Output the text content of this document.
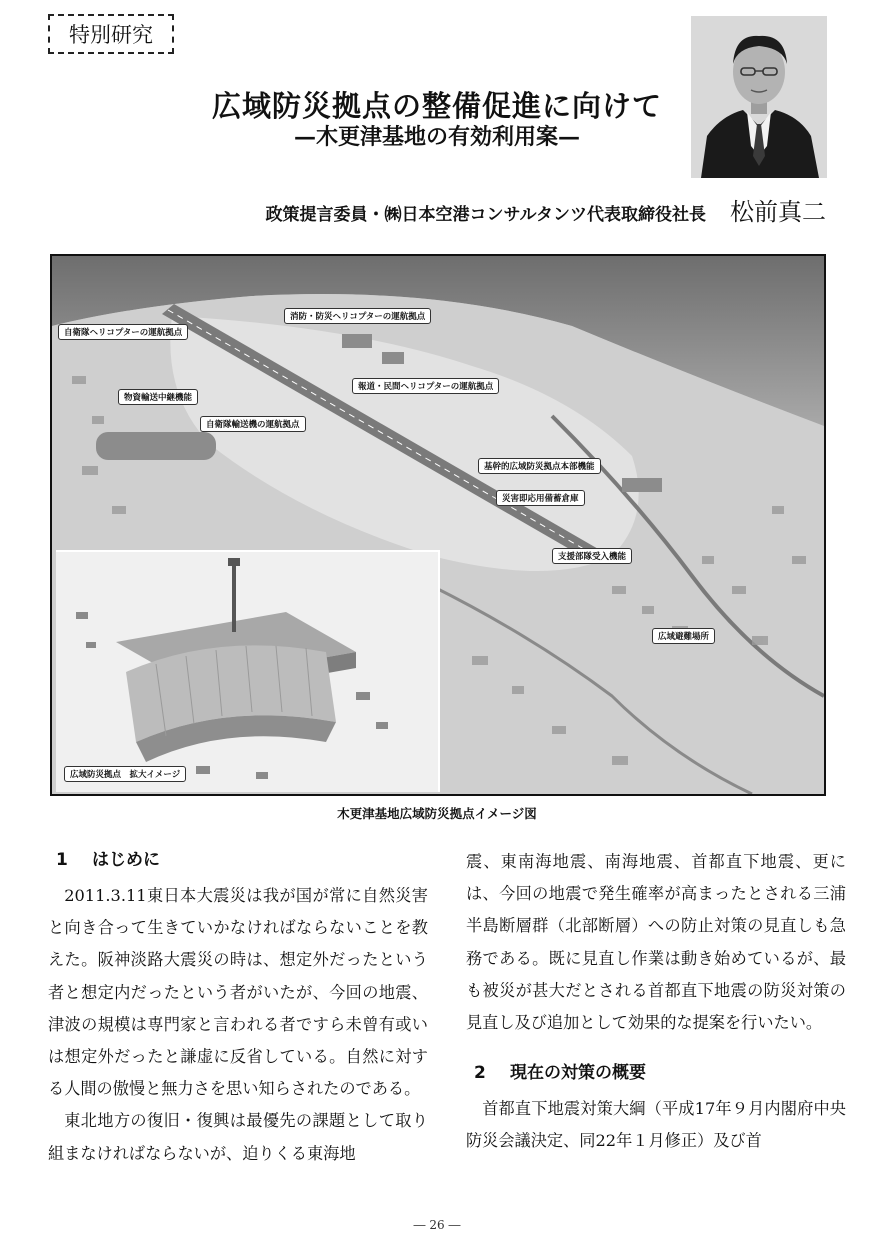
特別研究
広域防災拠点の整備促進に向けて
—木更津基地の有効利用案—
政策提言委員・㈱日本空港コンサルタンツ代表取締役社長 松前真二
自衛隊ヘリコプターの運航拠点
消防・防災ヘリコプターの運航拠点
報道・民間ヘリコプターの運航拠点
物資輸送中継機能
自衛隊輸送機の運航拠点
基幹的広域防災拠点本部機能
災害即応用備蓄倉庫
支援部隊受入機能
広域避難場所
広域防災拠点　拡大イメージ
木更津基地広域防災拠点イメージ図
1 はじめに

2011.3.11東日本大震災は我が国が常に自然災害と向き合って生きていかなければならないことを教えた。阪神淡路大震災の時は、想定外だったという者と想定内だったという者がいたが、今回の地震、津波の規模は専門家と言われる者ですら未曾有或いは想定外だったと謙虚に反省している。自然に対する人間の傲慢と無力さを思い知らされたのである。

東北地方の復旧・復興は最優先の課題として取り組まなければならないが、迫りくる東海地

震、東南海地震、南海地震、首都直下地震、更には、今回の地震で発生確率が高まったとされる三浦半島断層群（北部断層）への防止対策の見直しも急務である。既に見直し作業は動き始めているが、最も被災が甚大だとされる首都直下地震の防災対策の見直し及び追加として効果的な提案を行いたい。

2 現在の対策の概要

首都直下地震対策大綱（平成17年９月内閣府中央防災会議決定、同22年１月修正）及び首

― 26 ―
